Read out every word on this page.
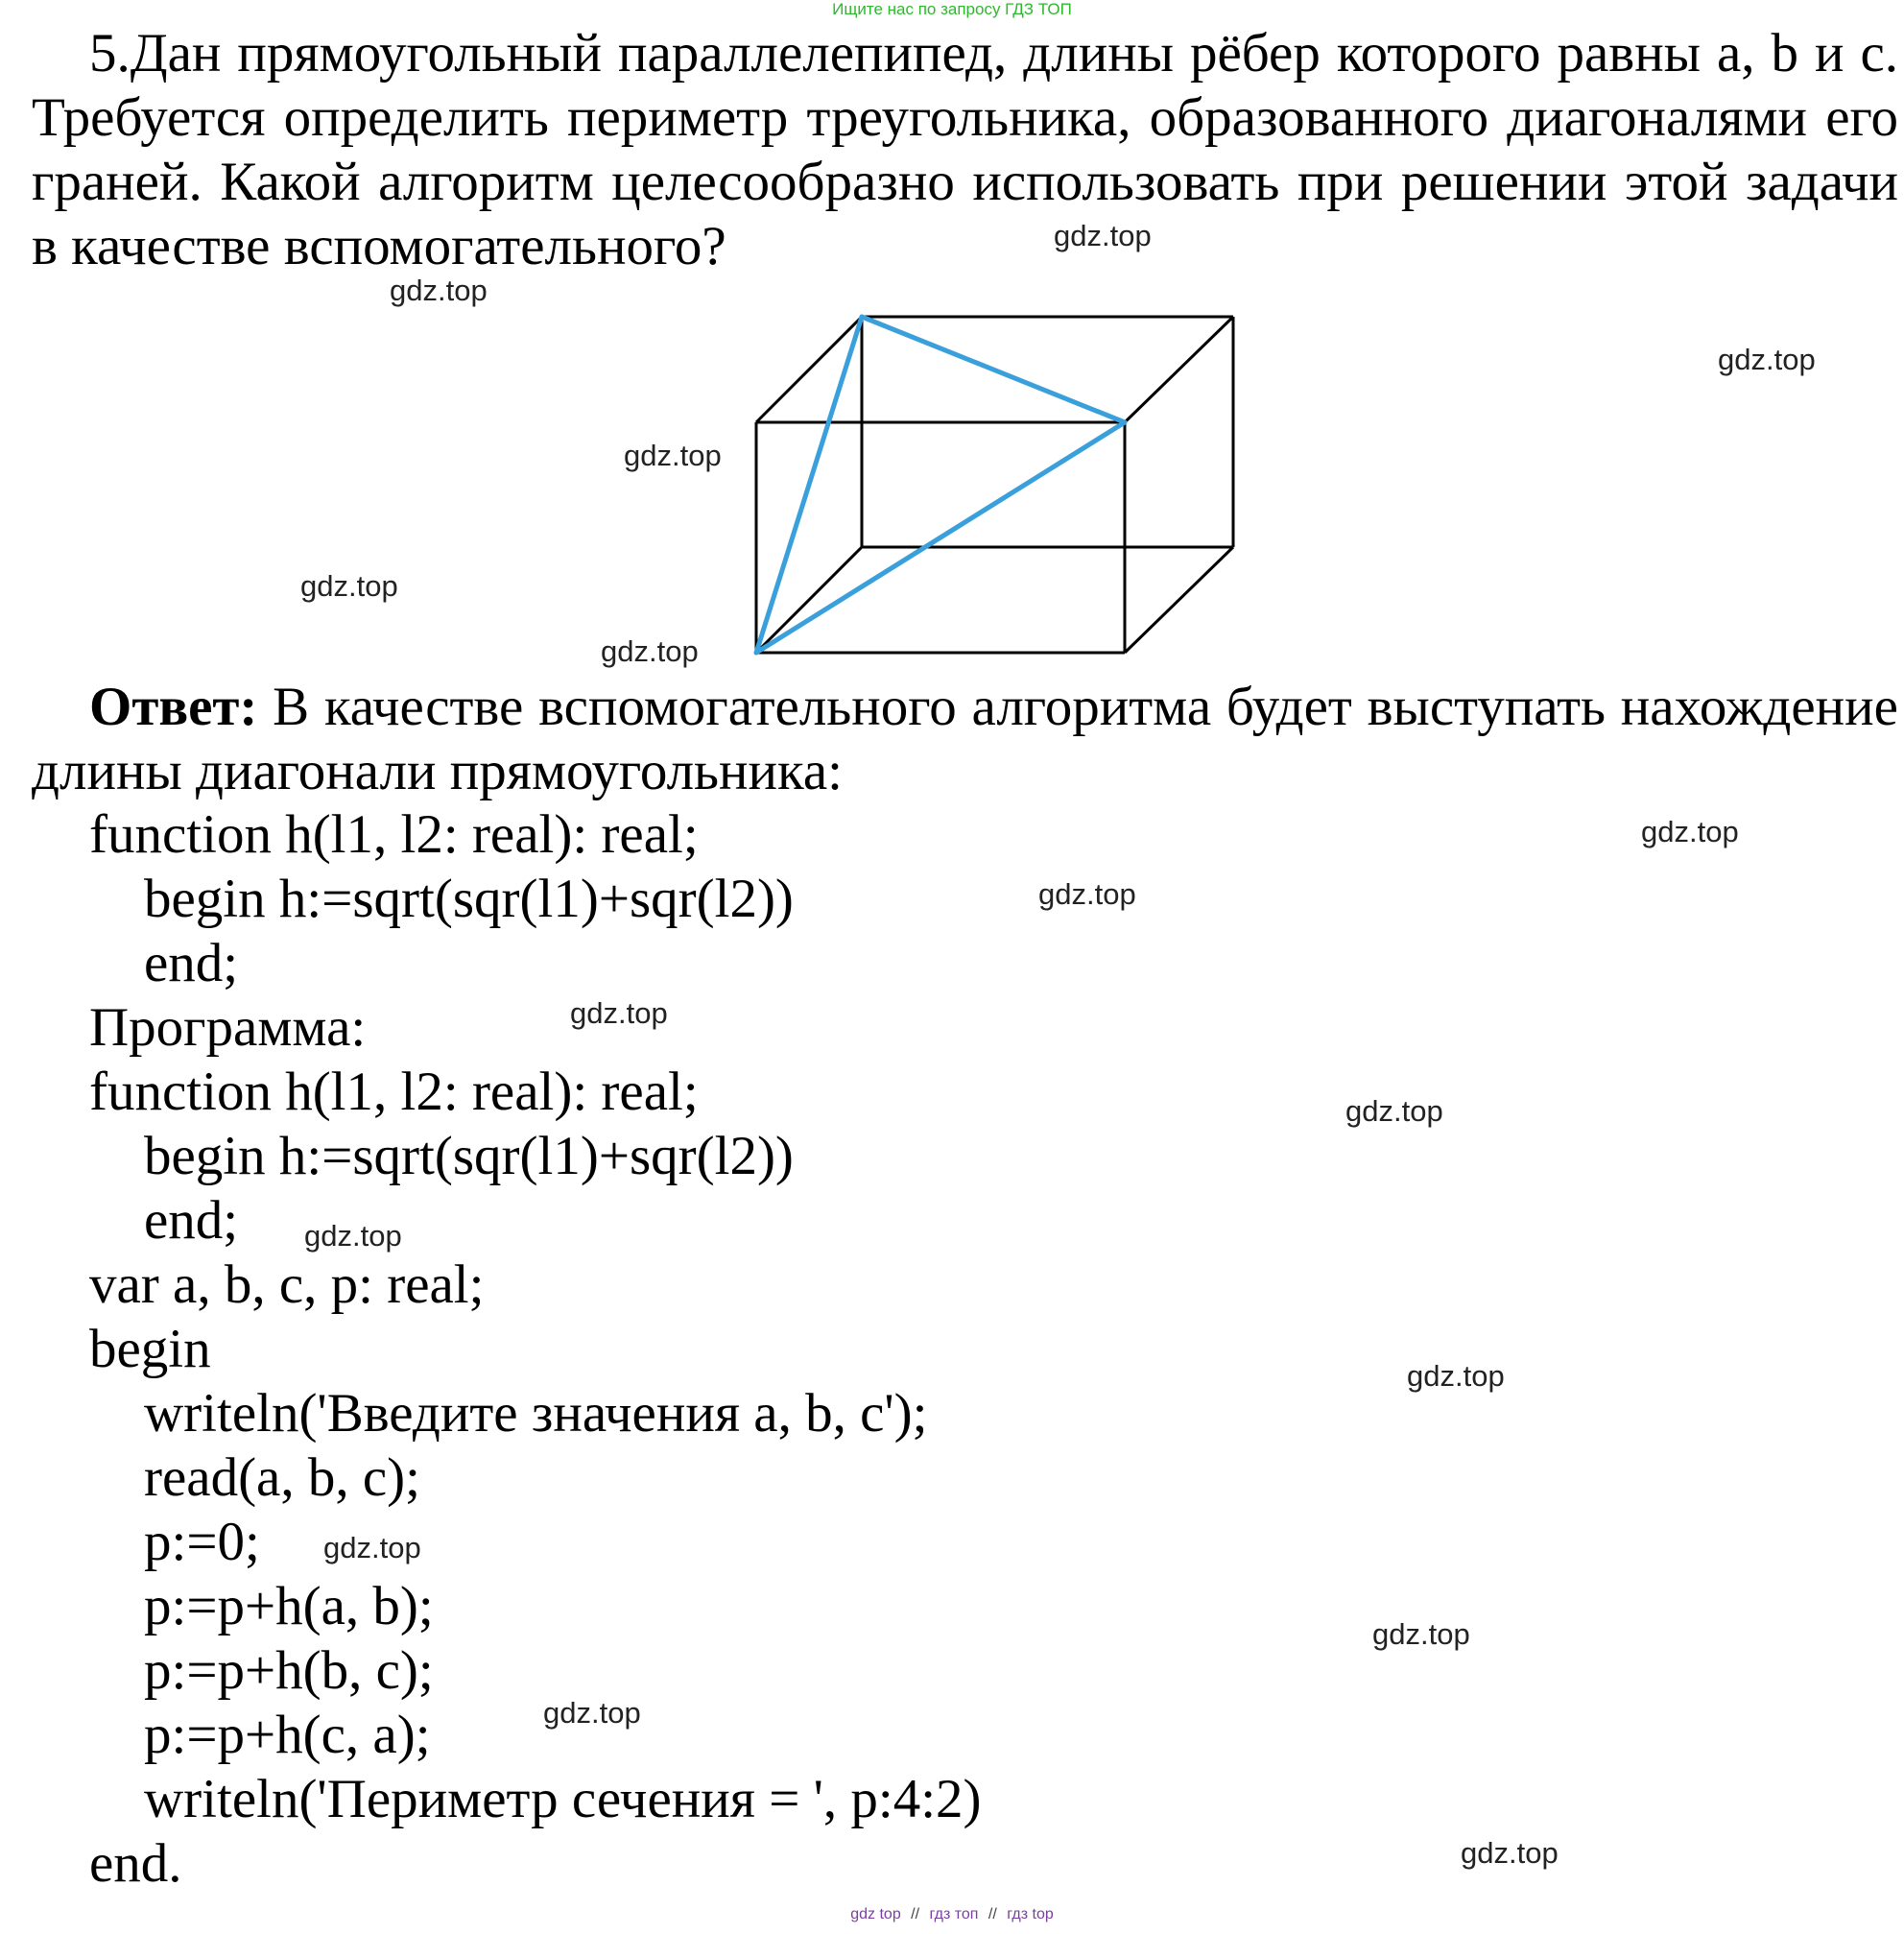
Ищите нас по запросу ГДЗ ТОП

5.Дан прямоугольный параллелепипед, длины рёбер которого равны a, b и c. Требуется определить периметр треугольника, образованного диагоналями его граней. Какой алгоритм целесообразно использовать при решении этой задачи в качестве вспомогательного?

Ответ: В качестве вспомогательного алгоритма будет выступать нахождение длины диагонали прямоугольника:

function h(l1, l2: real): real;
begin h:=sqrt(sqr(l1)+sqr(l2))
end;
Программа:
function h(l1, l2: real): real;
begin h:=sqrt(sqr(l1)+sqr(l2))
end;
var a, b, c, p: real;
begin
writeln('Введите значения a, b, c');
read(a, b, c);
p:=0;
p:=p+h(a, b);
p:=p+h(b, c);
p:=p+h(c, a);
writeln('Периметр сечения = ', p:4:2)
end.
gdz.top
gdz.top
gdz.top
gdz.top
gdz.top
gdz.top
gdz.top
gdz.top
gdz.top
gdz.top
gdz.top
gdz.top
gdz.top
gdz.top
gdz.top
gdz.top
gdz top // гдз топ // гдз top
